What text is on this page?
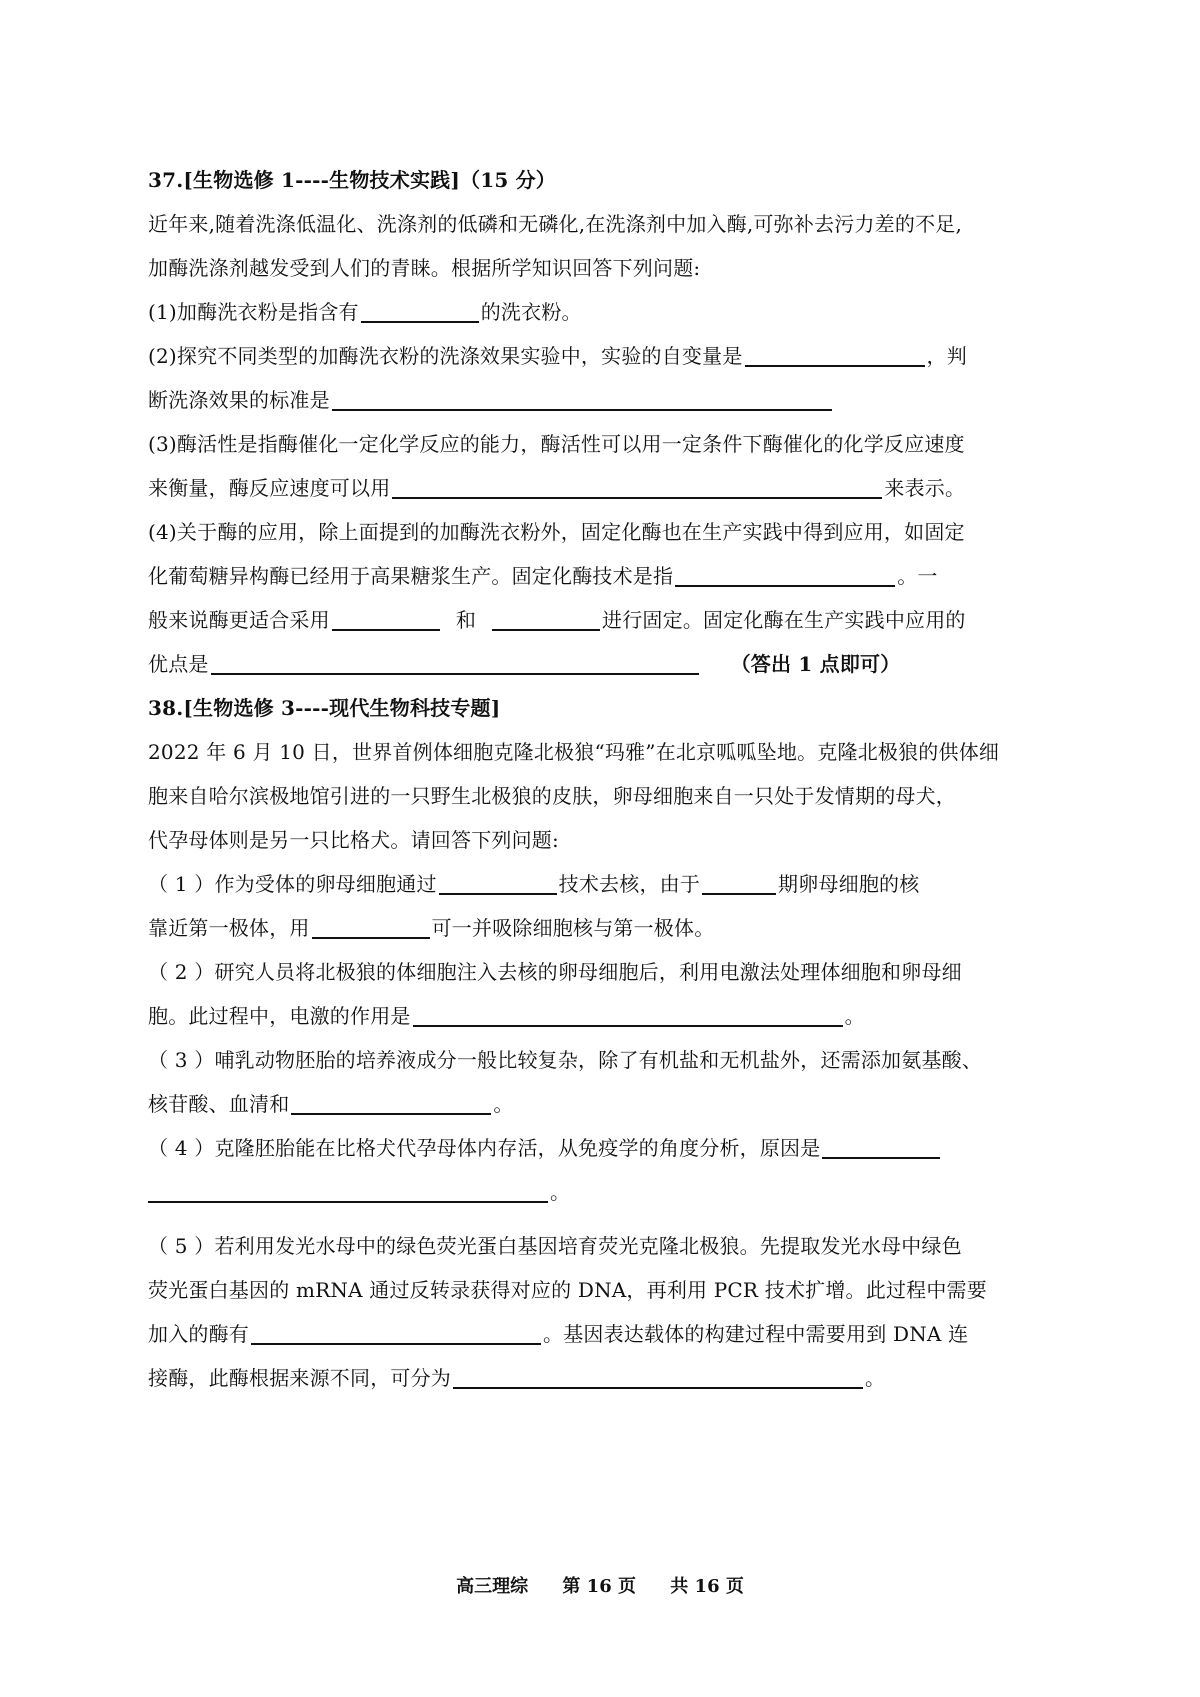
37.[生物选修 1----生物技术实践]（15 分）
近年来,随着洗涤低温化、洗涤剂的低磷和无磷化,在洗涤剂中加入酶,可弥补去污力差的不足,
加酶洗涤剂越发受到人们的青睐。根据所学知识回答下列问题:
(1)加酶洗衣粉是指含有	的洗衣粉。
(2)探究不同类型的加酶洗衣粉的洗涤效果实验中，实验的自变量是	，判
断洗涤效果的标准是
(3)酶活性是指酶催化一定化学反应的能力，酶活性可以用一定条件下酶催化的化学反应速度
来衡量，酶反应速度可以用	来表示。
(4)关于酶的应用，除上面提到的加酶洗衣粉外，固定化酶也在生产实践中得到应用，如固定
化葡萄糖异构酶已经用于高果糖浆生产。固定化酶技术是指	。一
般来说酶更适合采用	和	进行固定。固定化酶在生产实践中应用的
优点是	（答出 1 点即可）
38.[生物选修 3----现代生物科技专题]
2022 年 6 月 10 日，世界首例体细胞克隆北极狼“玛雅”在北京呱呱坠地。克隆北极狼的供体细
胞来自哈尔滨极地馆引进的一只野生北极狼的皮肤，卵母细胞来自一只处于发情期的母犬，
代孕母体则是另一只比格犬。请回答下列问题:
（ 1 ）作为受体的卵母细胞通过	技术去核，由于	期卵母细胞的核
靠近第一极体，用	可一并吸除细胞核与第一极体。
（ 2 ）研究人员将北极狼的体细胞注入去核的卵母细胞后，利用电激法处理体细胞和卵母细
胞。此过程中，电激的作用是	。
（ 3 ）哺乳动物胚胎的培养液成分一般比较复杂，除了有机盐和无机盐外，还需添加氨基酸、
核苷酸、血清和	。
（ 4 ）克隆胚胎能在比格犬代孕母体内存活，从免疫学的角度分析，原因是
。
（ 5 ）若利用发光水母中的绿色荧光蛋白基因培育荧光克隆北极狼。先提取发光水母中绿色
荧光蛋白基因的 mRNA 通过反转录获得对应的 DNA，再利用 PCR 技术扩增。此过程中需要
加入的酶有	。基因表达载体的构建过程中需要用到 DNA 连
接酶，此酶根据来源不同，可分为	。
高三理综 第 16 页 共 16 页
